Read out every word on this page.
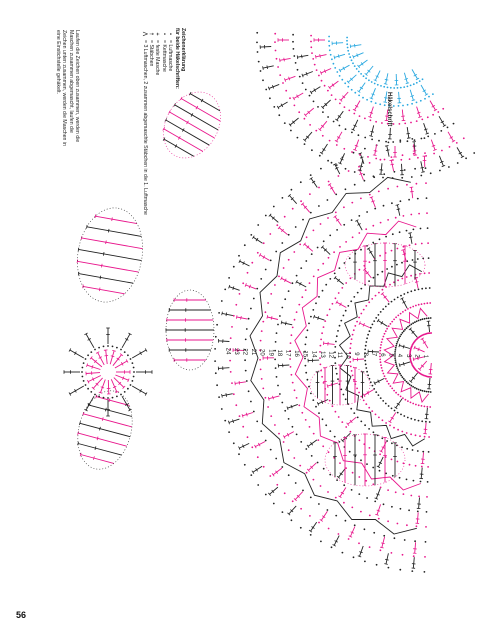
1
2
3
4
5
6
7
8
9
10
11
12
13
14
15
16
17
18
19
20
21
22
23
24
Häkelschrift
Zeichenerklärung
für beide Häkelschriften:
•= Luftmasche
•= Kettmasche
+= feste Masche
†= Stäbchen
⋀= 3 Luftmaschen, 2 zusammen abgemaschte Stäbchen in die 1. Luftmasche
Laufen die Zeichen oben zusammen, werden die Maschen zusammen abgemascht, laufen die Zeichen unten zusammen, werden die Maschen in eine Einstichstelle gehäkelt.
56
